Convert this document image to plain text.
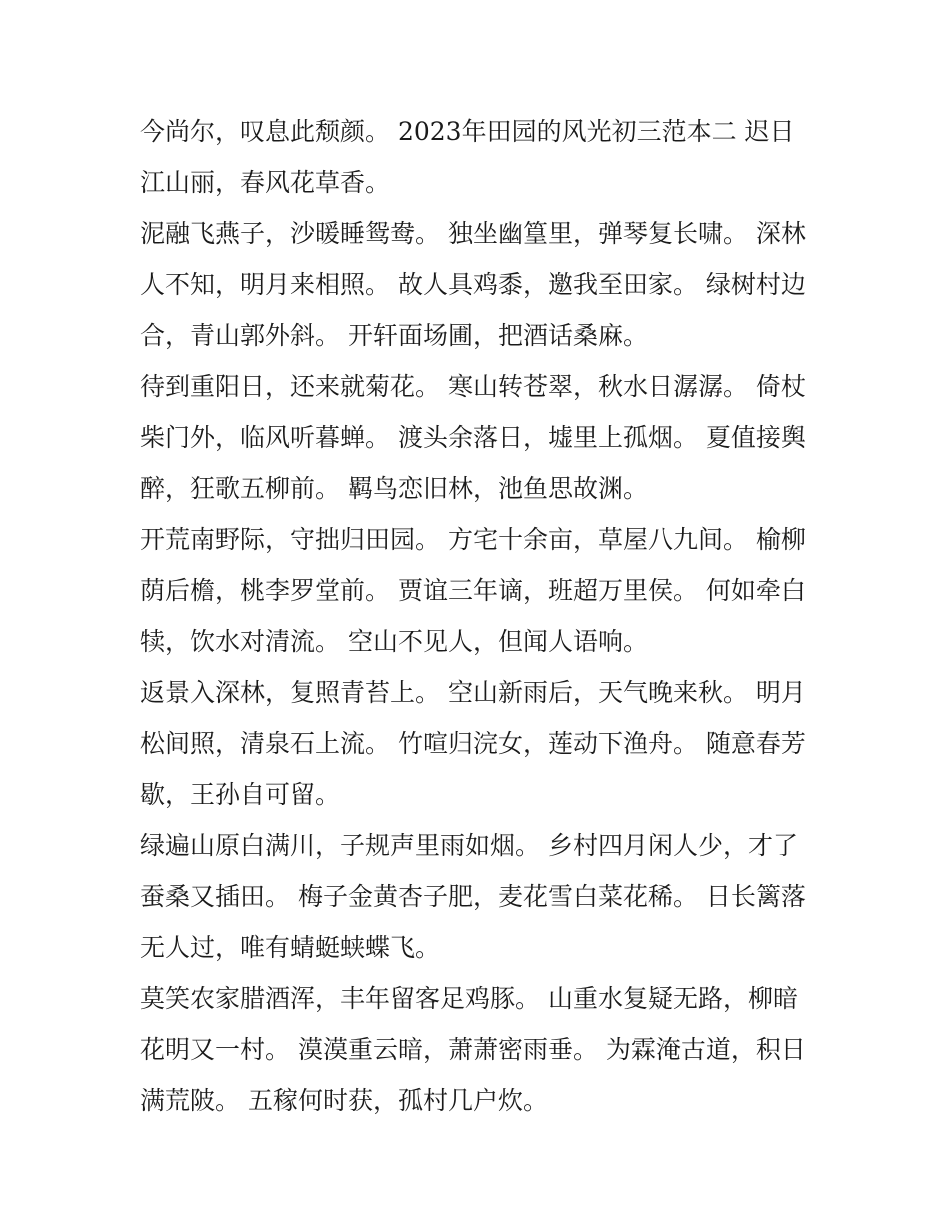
今尚尔，叹息此颓颜。 2023年田园的风光初三范本二 迟日江山丽，春风花草香。

泥融飞燕子，沙暖睡鸳鸯。 独坐幽篁里，弹琴复长啸。 深林人不知，明月来相照。 故人具鸡黍，邀我至田家。 绿树村边合，青山郭外斜。 开轩面场圃，把酒话桑麻。

待到重阳日，还来就菊花。 寒山转苍翠，秋水日潺潺。 倚杖柴门外，临风听暮蝉。 渡头余落日，墟里上孤烟。 夏值接舆醉，狂歌五柳前。 羁鸟恋旧林，池鱼思故渊。

开荒南野际，守拙归田园。 方宅十余亩，草屋八九间。 榆柳荫后檐，桃李罗堂前。 贾谊三年谪，班超万里侯。 何如牵白犊，饮水对清流。 空山不见人，但闻人语响。

返景入深林，复照青苔上。 空山新雨后，天气晚来秋。 明月松间照，清泉石上流。 竹喧归浣女，莲动下渔舟。 随意春芳歇，王孙自可留。

绿遍山原白满川，子规声里雨如烟。 乡村四月闲人少，才了蚕桑又插田。 梅子金黄杏子肥，麦花雪白菜花稀。 日长篱落无人过，唯有蜻蜓蛱蝶飞。

莫笑农家腊酒浑，丰年留客足鸡豚。 山重水复疑无路，柳暗花明又一村。 漠漠重云暗，萧萧密雨垂。 为霖淹古道，积日满荒陂。 五稼何时获，孤村几户炊。
